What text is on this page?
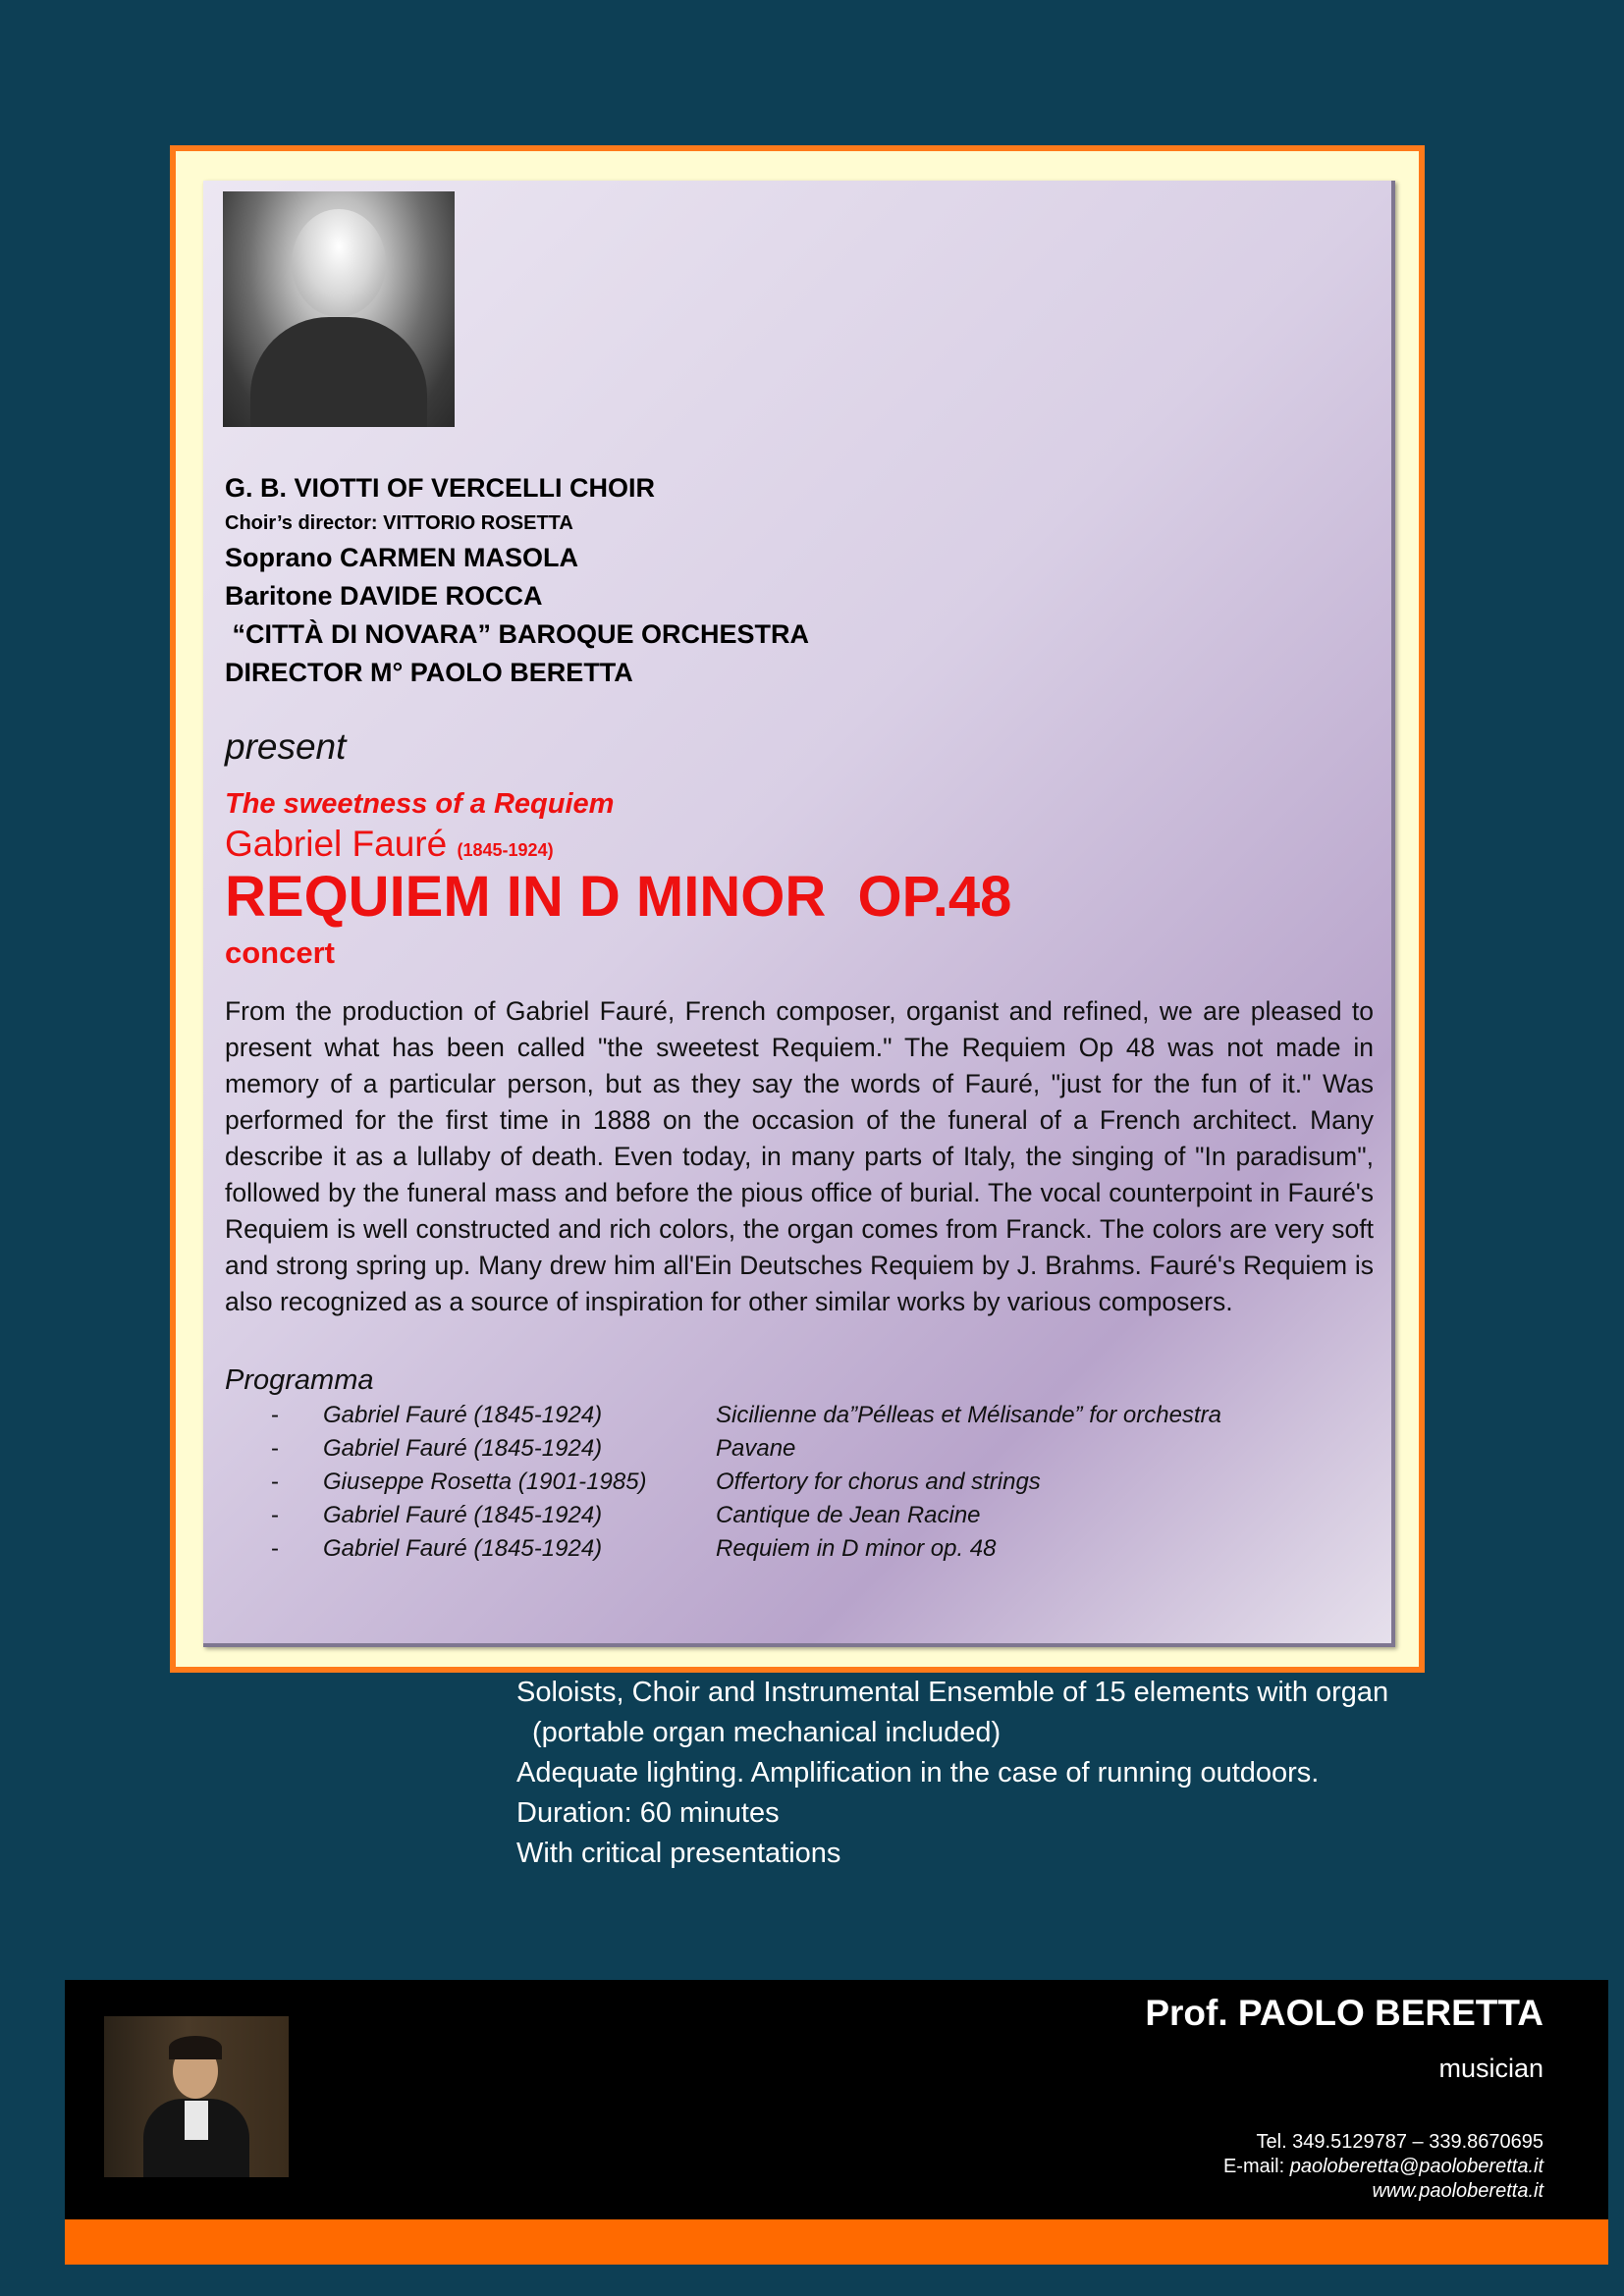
G. B. VIOTTI OF VERCELLI CHOIR
Choir’s director: VITTORIO ROSETTA
Soprano CARMEN MASOLA
Baritone DAVIDE ROCCA
“CITTÀ DI NOVARA” BAROQUE ORCHESTRA
DIRECTOR M° PAOLO BERETTA
present
The sweetness of a Requiem
Gabriel Fauré (1845-1924)
REQUIEM IN D MINOR  OP.48
concert
From the production of Gabriel Fauré, French composer, organist and refined, we are pleased to present what has been called "the sweetest Requiem." The Requiem Op 48 was not made in memory of a particular person, but as they say the words of Fauré, "just for the fun of it." Was performed for the first time in 1888 on the occasion of the funeral of a French architect. Many describe it as a lullaby of death. Even today, in many parts of Italy, the singing of "In paradisum", followed by the funeral mass and before the pious office of burial. The vocal counterpoint in Fauré's Requiem is well constructed and rich colors, the organ comes from Franck. The colors are very soft and strong spring up. Many drew him all'Ein Deutsches Requiem by J. Brahms. Fauré's Requiem is also recognized as a source of inspiration for other similar works by various composers.
Programma
- Gabriel Fauré (1845-1924)	Sicilienne da”Pélleas et Mélisande” for orchestra
- Gabriel Fauré (1845-1924)	Pavane
- Giuseppe Rosetta (1901-1985)	Offertory for chorus and strings
- Gabriel Fauré (1845-1924)	Cantique de Jean Racine
- Gabriel Fauré (1845-1924)	Requiem in D minor op. 48
Soloists, Choir and Instrumental Ensemble of 15 elements with organ
(portable organ mechanical included)
Adequate lighting. Amplification in the case of running outdoors.
Duration: 60 minutes
With critical presentations
Prof. PAOLO BERETTA
musician
Tel. 349.5129787 – 339.8670695
E-mail: paoloberetta@paoloberetta.it
www.paoloberetta.it
